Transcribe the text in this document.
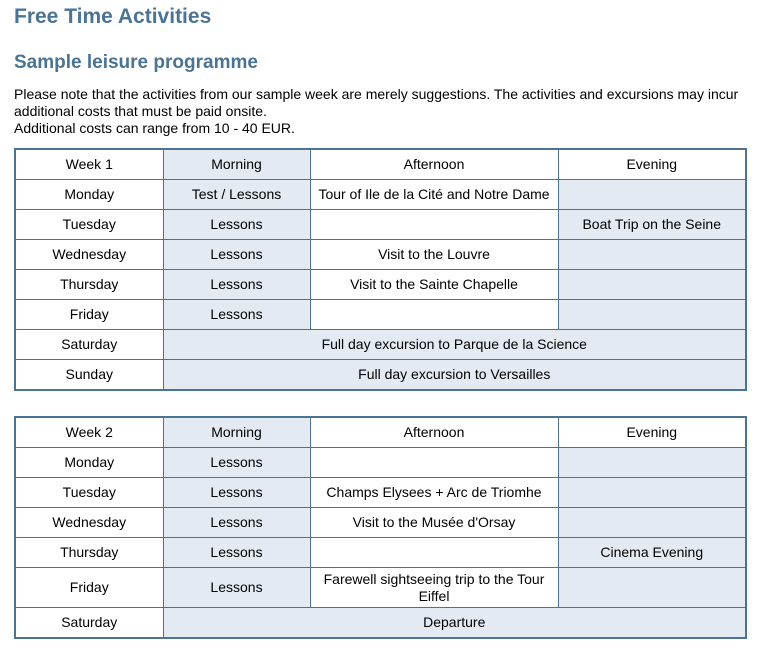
Free Time Activities
Sample leisure programme
Please note that the activities from our sample week are merely suggestions. The activities and excursions may incur additional costs that must be paid onsite.
Additional costs can range from 10 - 40 EUR.
Week 1	Morning	Afternoon	Evening
Monday	Test / Lessons	Tour of Ile de la Cité and Notre Dame	
Tuesday	Lessons		Boat Trip on the Seine
Wednesday	Lessons	Visit to the Louvre	
Thursday	Lessons	Visit to the Sainte Chapelle	
Friday	Lessons		
Saturday	Full day excursion to Parque de la Science		
Sunday	Full day excursion to Versailles		
Week 2	Morning	Afternoon	Evening
Monday	Lessons		
Tuesday	Lessons	Champs Elysees + Arc de Triomhe	
Wednesday	Lessons	Visit to the Musée d'Orsay	
Thursday	Lessons		Cinema Evening
Friday	Lessons	Farewell sightseeing trip to the Tour Eiffel	
Saturday	Departure		
